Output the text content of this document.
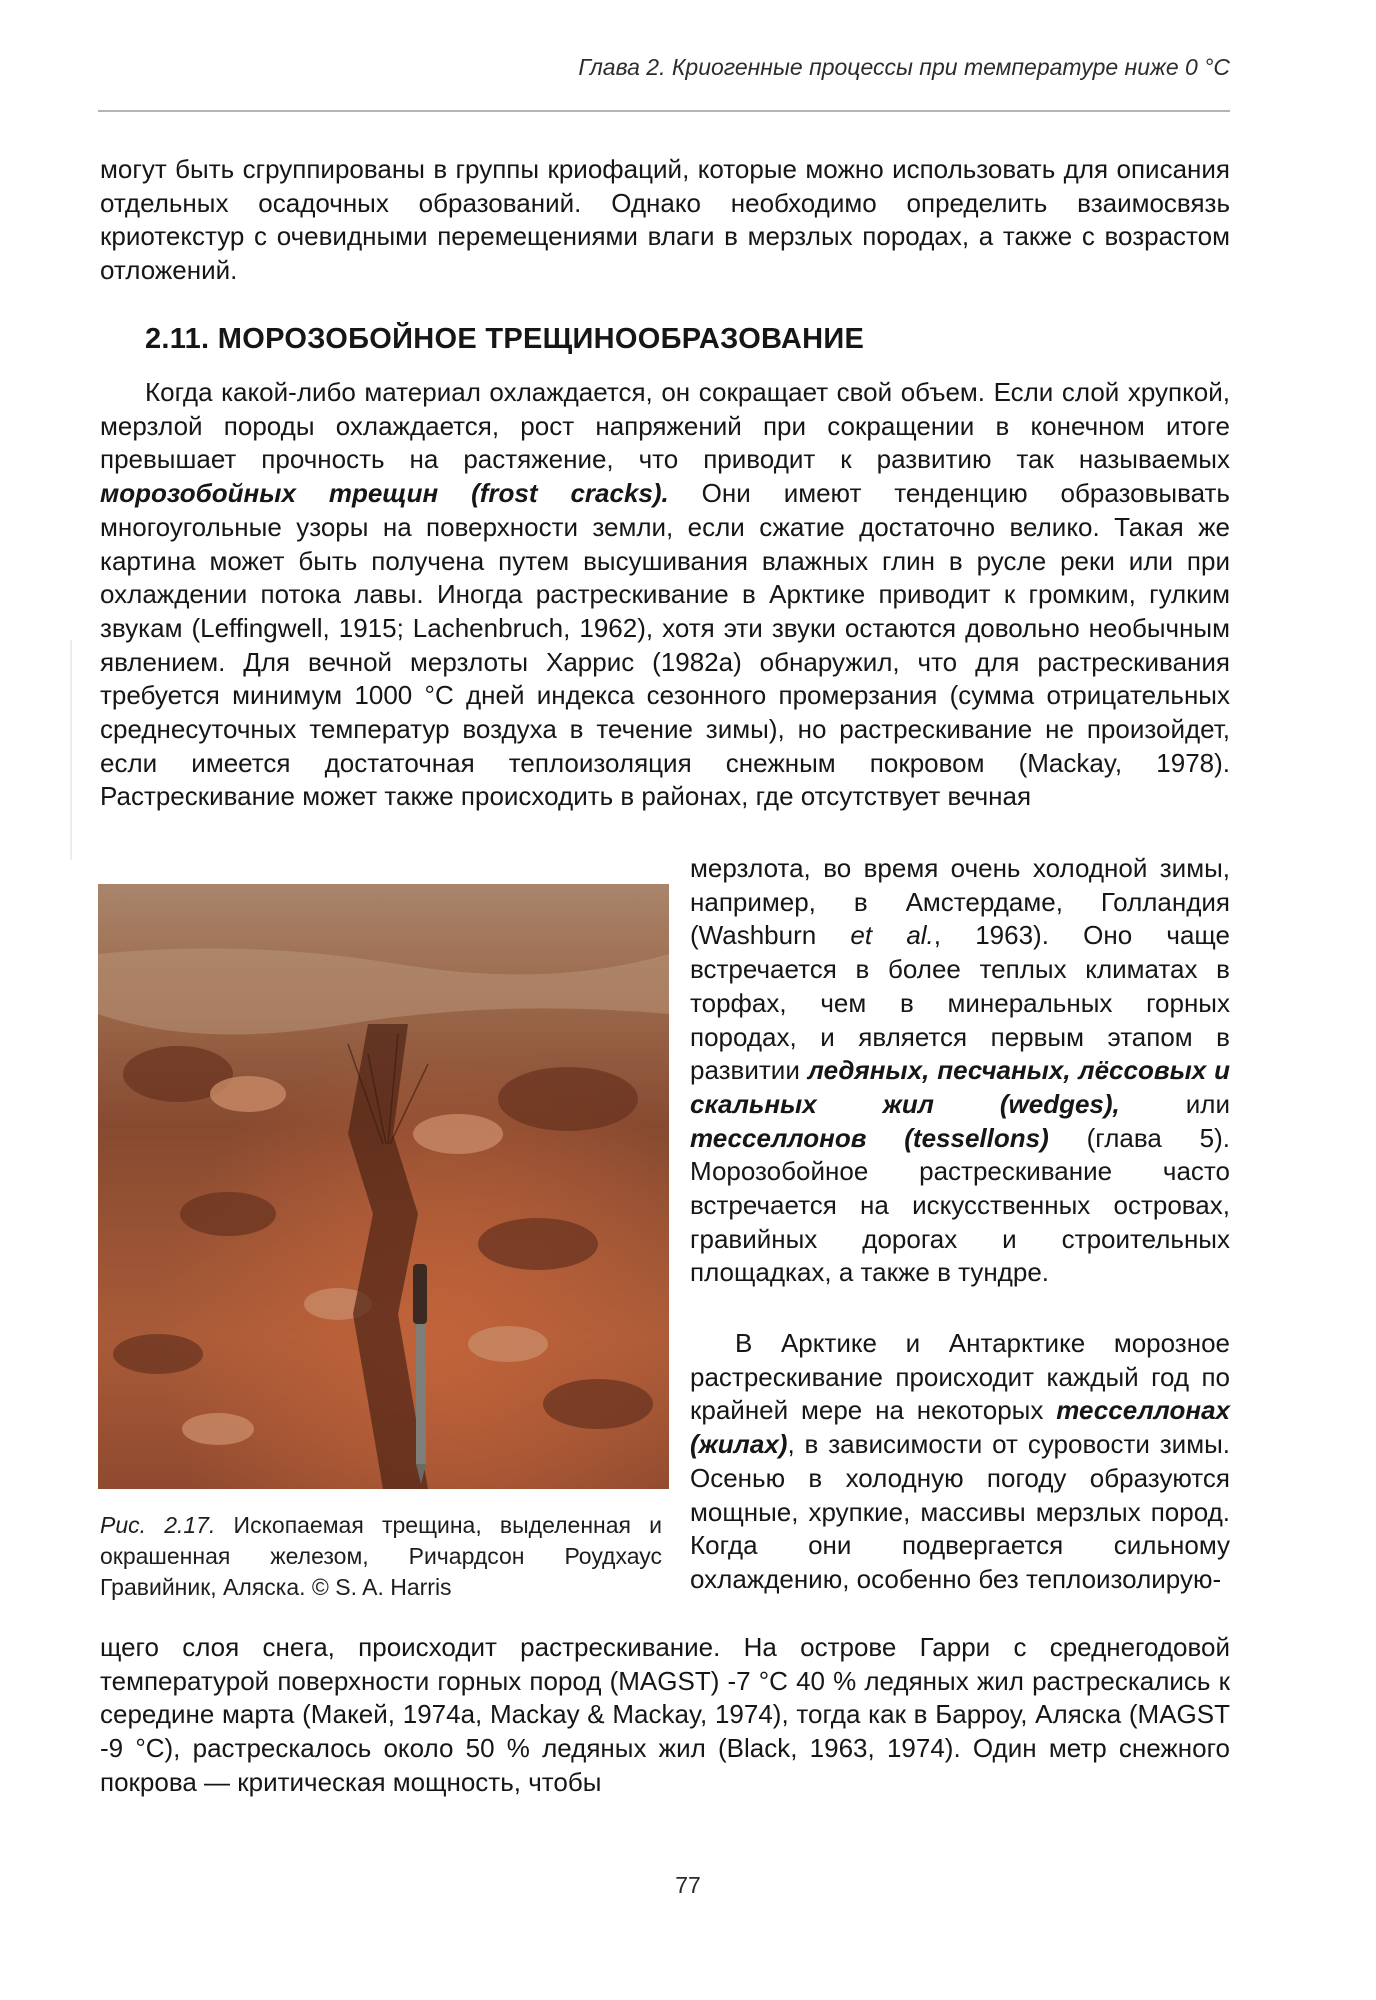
Глава 2. Криогенные процессы при температуре ниже 0 °С

могут быть сгруппированы в группы криофаций, которые можно использовать для описания отдельных осадочных образований. Однако необходимо определить взаимосвязь криотекстур с очевидными перемещениями влаги в мерзлых породах, а также с возрастом отложений.

2.11. МОРОЗОБОЙНОЕ ТРЕЩИНООБРАЗОВАНИЕ

Когда какой-либо материал охлаждается, он сокращает свой объем. Если слой хрупкой, мерзлой породы охлаждается, рост напряжений при сокращении в конечном итоге превышает прочность на растяжение, что приводит к развитию так называемых морозобойных трещин (frost cracks). Они имеют тенденцию образовывать многоугольные узоры на поверхности земли, если сжатие достаточно велико. Такая же картина может быть получена путем высушивания влажных глин в русле реки или при охлаждении потока лавы. Иногда растрескивание в Арктике приводит к громким, гулким звукам (Leffingwell, 1915; Lachenbruch, 1962), хотя эти звуки остаются довольно необычным явлением. Для вечной мерзлоты Харрис (1982а) обнаружил, что для растрескивания требуется минимум 1000 °С дней индекса сезонного промерзания (сумма отрицательных среднесуточных температур воздуха в течение зимы), но растрескивание не произойдет, если имеется достаточная теплоизоляция снежным покровом (Mackay, 1978). Растрескивание может также происходить в районах, где отсутствует вечная

Рис. 2.17. Ископаемая трещина, выделенная и окрашенная железом, Ричардсон Роудхаус Гравийник, Аляска. © S. A. Harris

мерзлота, во время очень холодной зимы, например, в Амстердаме, Голландия (Washburn et al., 1963). Оно чаще встречается в более теплых климатах в торфах, чем в минеральных горных породах, и является первым этапом в развитии ледяных, песчаных, лёссовых и скальных жил (wedges),	или тесселлонов (tessellons) (глава 5). Морозобойное растрескивание часто встречается на искусственных островах, гравийных дорогах и строительных площадках, а также в тундре.

В Арктике и Антарктике морозное растрескивание происходит каждый год по крайней мере на некоторых тесселлонах (жилах), в зависимости от суровости зимы. Осенью в холодную погоду образуются мощные, хрупкие, массивы мерзлых пород. Когда они подвергается сильному охлаждению, особенно без теплоизолирую-

щего слоя снега, происходит растрескивание. На острове Гарри с среднегодовой температурой поверхности горных пород (MAGST) -7 °С 40 % ледяных жил растрескались к середине марта (Макей, 1974а, Mackay & Mackay, 1974), тогда как в Барроу, Аляска (MAGST -9 °С), растрескалось около 50 % ледяных жил (Black, 1963, 1974). Один метр снежного покрова — критическая мощность, чтобы

77
